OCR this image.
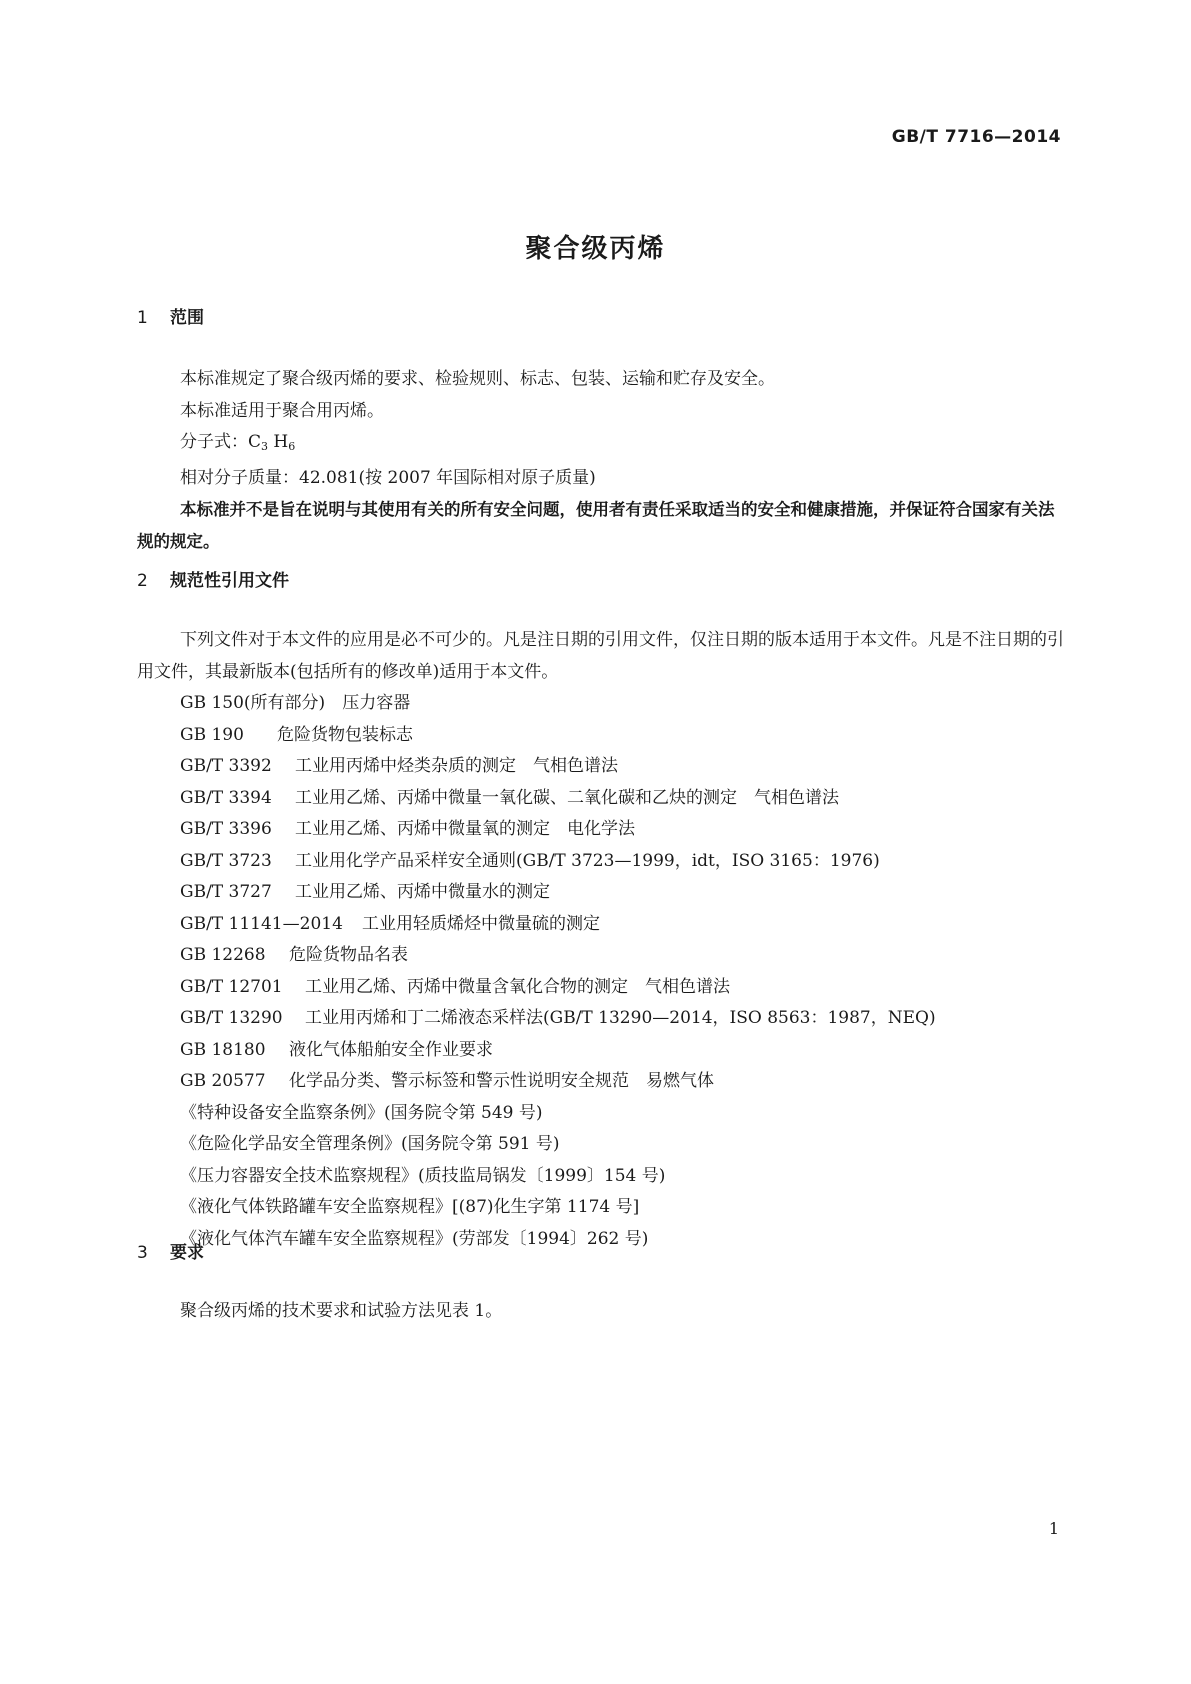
GB/T 7716—2014
聚合级丙烯
1 范围

本标准规定了聚合级丙烯的要求、检验规则、标志、包装、运输和贮存及安全。

本标准适用于聚合用丙烯。

分子式：$C_3$ $H_6$

相对分子质量：42.081(按 2007 年国际相对原子质量)

本标准并不是旨在说明与其使用有关的所有安全问题，使用者有责任采取适当的安全和健康措施，并保证符合国家有关法规的规定。

2 规范性引用文件

下列文件对于本文件的应用是必不可少的。凡是注日期的引用文件，仅注日期的版本适用于本文件。凡是不注日期的引用文件，其最新版本(包括所有的修改单)适用于本文件。

GB 150(所有部分)　 压力容器

GB 190　 危险货物包装标志

GB/T 3392　 工业用丙烯中烃类杂质的测定　气相色谱法

GB/T 3394　 工业用乙烯、丙烯中微量一氧化碳、二氧化碳和乙炔的测定　气相色谱法

GB/T 3396　 工业用乙烯、丙烯中微量氧的测定　电化学法

GB/T 3723　 工业用化学产品采样安全通则(GB/T 3723—1999，idt，ISO 3165：1976)

GB/T 3727　 工业用乙烯、丙烯中微量水的测定

GB/T 11141—2014　 工业用轻质烯烃中微量硫的测定

GB 12268　 危险货物品名表

GB/T 12701　 工业用乙烯、丙烯中微量含氧化合物的测定　气相色谱法

GB/T 13290　 工业用丙烯和丁二烯液态采样法(GB/T 13290—2014，ISO 8563：1987，NEQ)

GB 18180　 液化气体船舶安全作业要求

GB 20577　 化学品分类、警示标签和警示性说明安全规范　易燃气体

《特种设备安全监察条例》(国务院令第 549 号)

《危险化学品安全管理条例》(国务院令第 591 号)

《压力容器安全技术监察规程》(质技监局锅发〔1999〕154 号)

《液化气体铁路罐车安全监察规程》[(87)化生字第 1174 号]

《液化气体汽车罐车安全监察规程》(劳部发〔1994〕262 号)

3 要求

聚合级丙烯的技术要求和试验方法见表 1。

1
